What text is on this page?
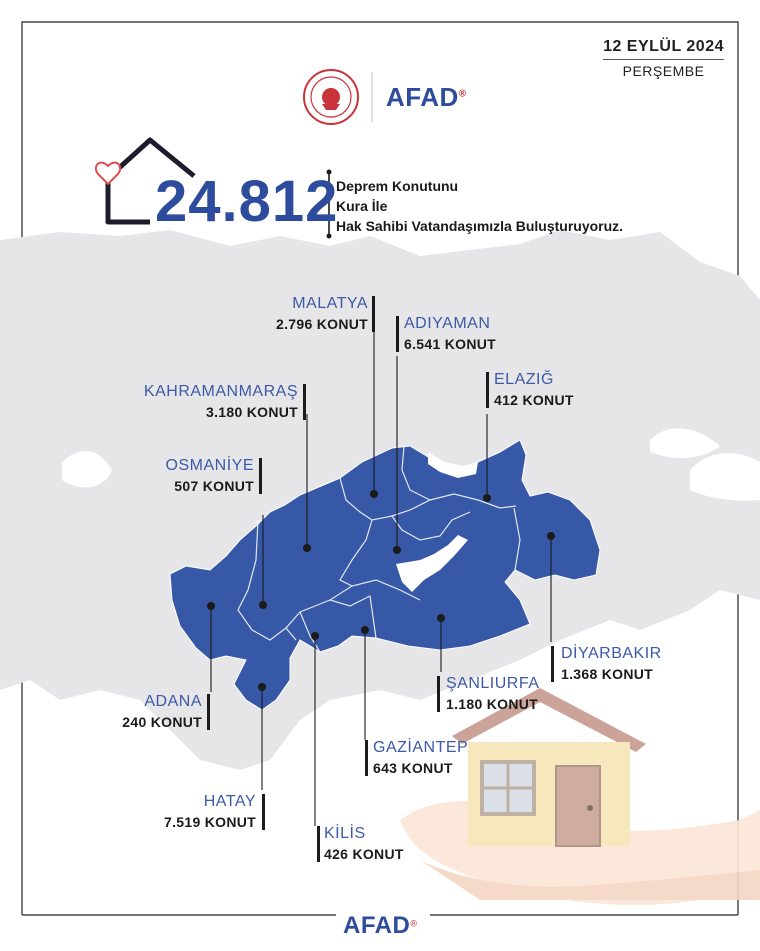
12 EYLÜL 2024
PERŞEMBE
AFAD®
24.812
Deprem Konutunu
Kura İle
Hak Sahibi Vatandaşımızla Buluşturuyoruz.
MALATYA
2.796 KONUT ADIYAMAN
6.541 KONUT
KAHRAMANMARAŞ
3.180 KONUT
ELAZIĞ
412 KONUT
OSMANİYE
507 KONUT
DİYARBAKIR
1.368 KONUT
ŞANLIURFA
1.180 KONUT
ADANA
240 KONUT
GAZİANTEP
643 KONUT
HATAY
7.519 KONUT
KİLİS
426 KONUT
AFAD®
